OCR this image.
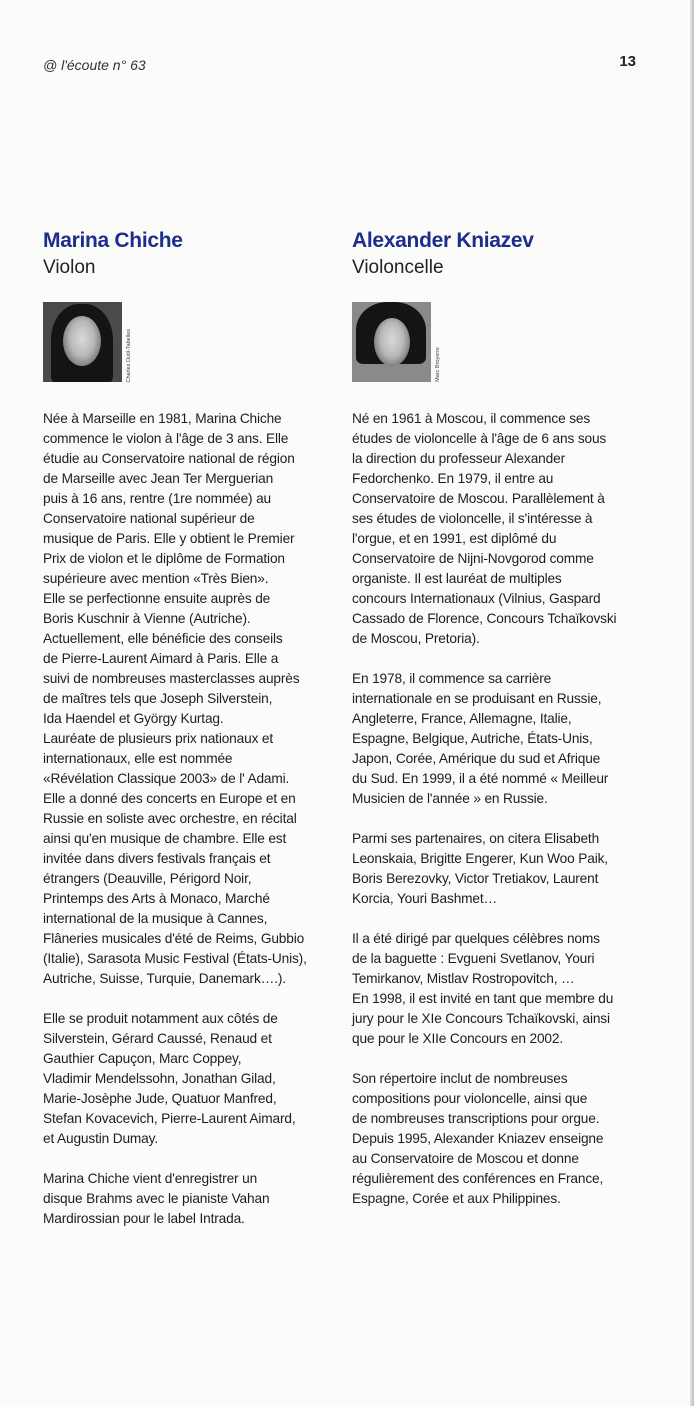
@ l'écoute n° 63	13
Marina Chiche
Violon
Charles Dutil-Tabelles

Née à Marseille en 1981, Marina Chiche
commence le violon à l'âge de 3 ans. Elle
étudie au Conservatoire national de région
de Marseille avec Jean Ter Merguerian
puis à 16 ans, rentre (1re nommée) au
Conservatoire national supérieur de
musique de Paris. Elle y obtient le Premier
Prix de violon et le diplôme de Formation
supérieure avec mention «Très Bien».
Elle se perfectionne ensuite auprès de
Boris Kuschnir à Vienne (Autriche).
Actuellement, elle bénéficie des conseils
de Pierre-Laurent Aimard à Paris. Elle a
suivi de nombreuses masterclasses auprès
de maîtres tels que Joseph Silverstein,
Ida Haendel et György Kurtag.
Lauréate de plusieurs prix nationaux et
internationaux, elle est nommée
«Révélation Classique 2003» de l' Adami.
Elle a donné des concerts en Europe et en
Russie en soliste avec orchestre, en récital
ainsi qu'en musique de chambre. Elle est
invitée dans divers festivals français et
étrangers (Deauville, Périgord Noir,
Printemps des Arts à Monaco, Marché
international de la musique à Cannes,
Flâneries musicales d'été de Reims, Gubbio
(Italie), Sarasota Music Festival (États-Unis),
Autriche, Suisse, Turquie, Danemark….).

Elle se produit notamment aux côtés de
Silverstein, Gérard Caussé, Renaud et
Gauthier Capuçon, Marc Coppey,
Vladimir Mendelssohn, Jonathan Gilad,
Marie-Josèphe Jude, Quatuor Manfred,
Stefan Kovacevich, Pierre-Laurent Aimard,
et Augustin Dumay.

Marina Chiche vient d'enregistrer un
disque Brahms avec le pianiste Vahan
Mardirossian pour le label Intrada.

Alexander Kniazev
Violoncelle
Marc Broyerre

Né en 1961 à Moscou, il commence ses
études de violoncelle à l'âge de 6 ans sous
la direction du professeur Alexander
Fedorchenko. En 1979, il entre au
Conservatoire de Moscou. Parallèlement à
ses études de violoncelle, il s'intéresse à
l'orgue, et en 1991, est diplômé du
Conservatoire de Nijni-Novgorod comme
organiste. Il est lauréat de multiples
concours Internationaux (Vilnius, Gaspard
Cassado de Florence, Concours Tchaïkovski
de Moscou, Pretoria).

En 1978, il commence sa carrière
internationale en se produisant en Russie,
Angleterre, France, Allemagne, Italie,
Espagne, Belgique, Autriche, États-Unis,
Japon, Corée, Amérique du sud et Afrique
du Sud. En 1999, il a été nommé « Meilleur
Musicien de l'année » en Russie.

Parmi ses partenaires, on citera Elisabeth
Leonskaia, Brigitte Engerer, Kun Woo Paik,
Boris Berezovky, Victor Tretiakov, Laurent
Korcia, Youri Bashmet…

Il a été dirigé par quelques célèbres noms
de la baguette : Evgueni Svetlanov, Youri
Temirkanov, Mistlav Rostropovitch, …
En 1998, il est invité en tant que membre du
jury pour le XIe Concours Tchaïkovski, ainsi
que pour le XIIe Concours en 2002.

Son répertoire inclut de nombreuses
compositions pour violoncelle, ainsi que
de nombreuses transcriptions pour orgue.
Depuis 1995, Alexander Kniazev enseigne
au Conservatoire de Moscou et donne
régulièrement des conférences en France,
Espagne, Corée et aux Philippines.
